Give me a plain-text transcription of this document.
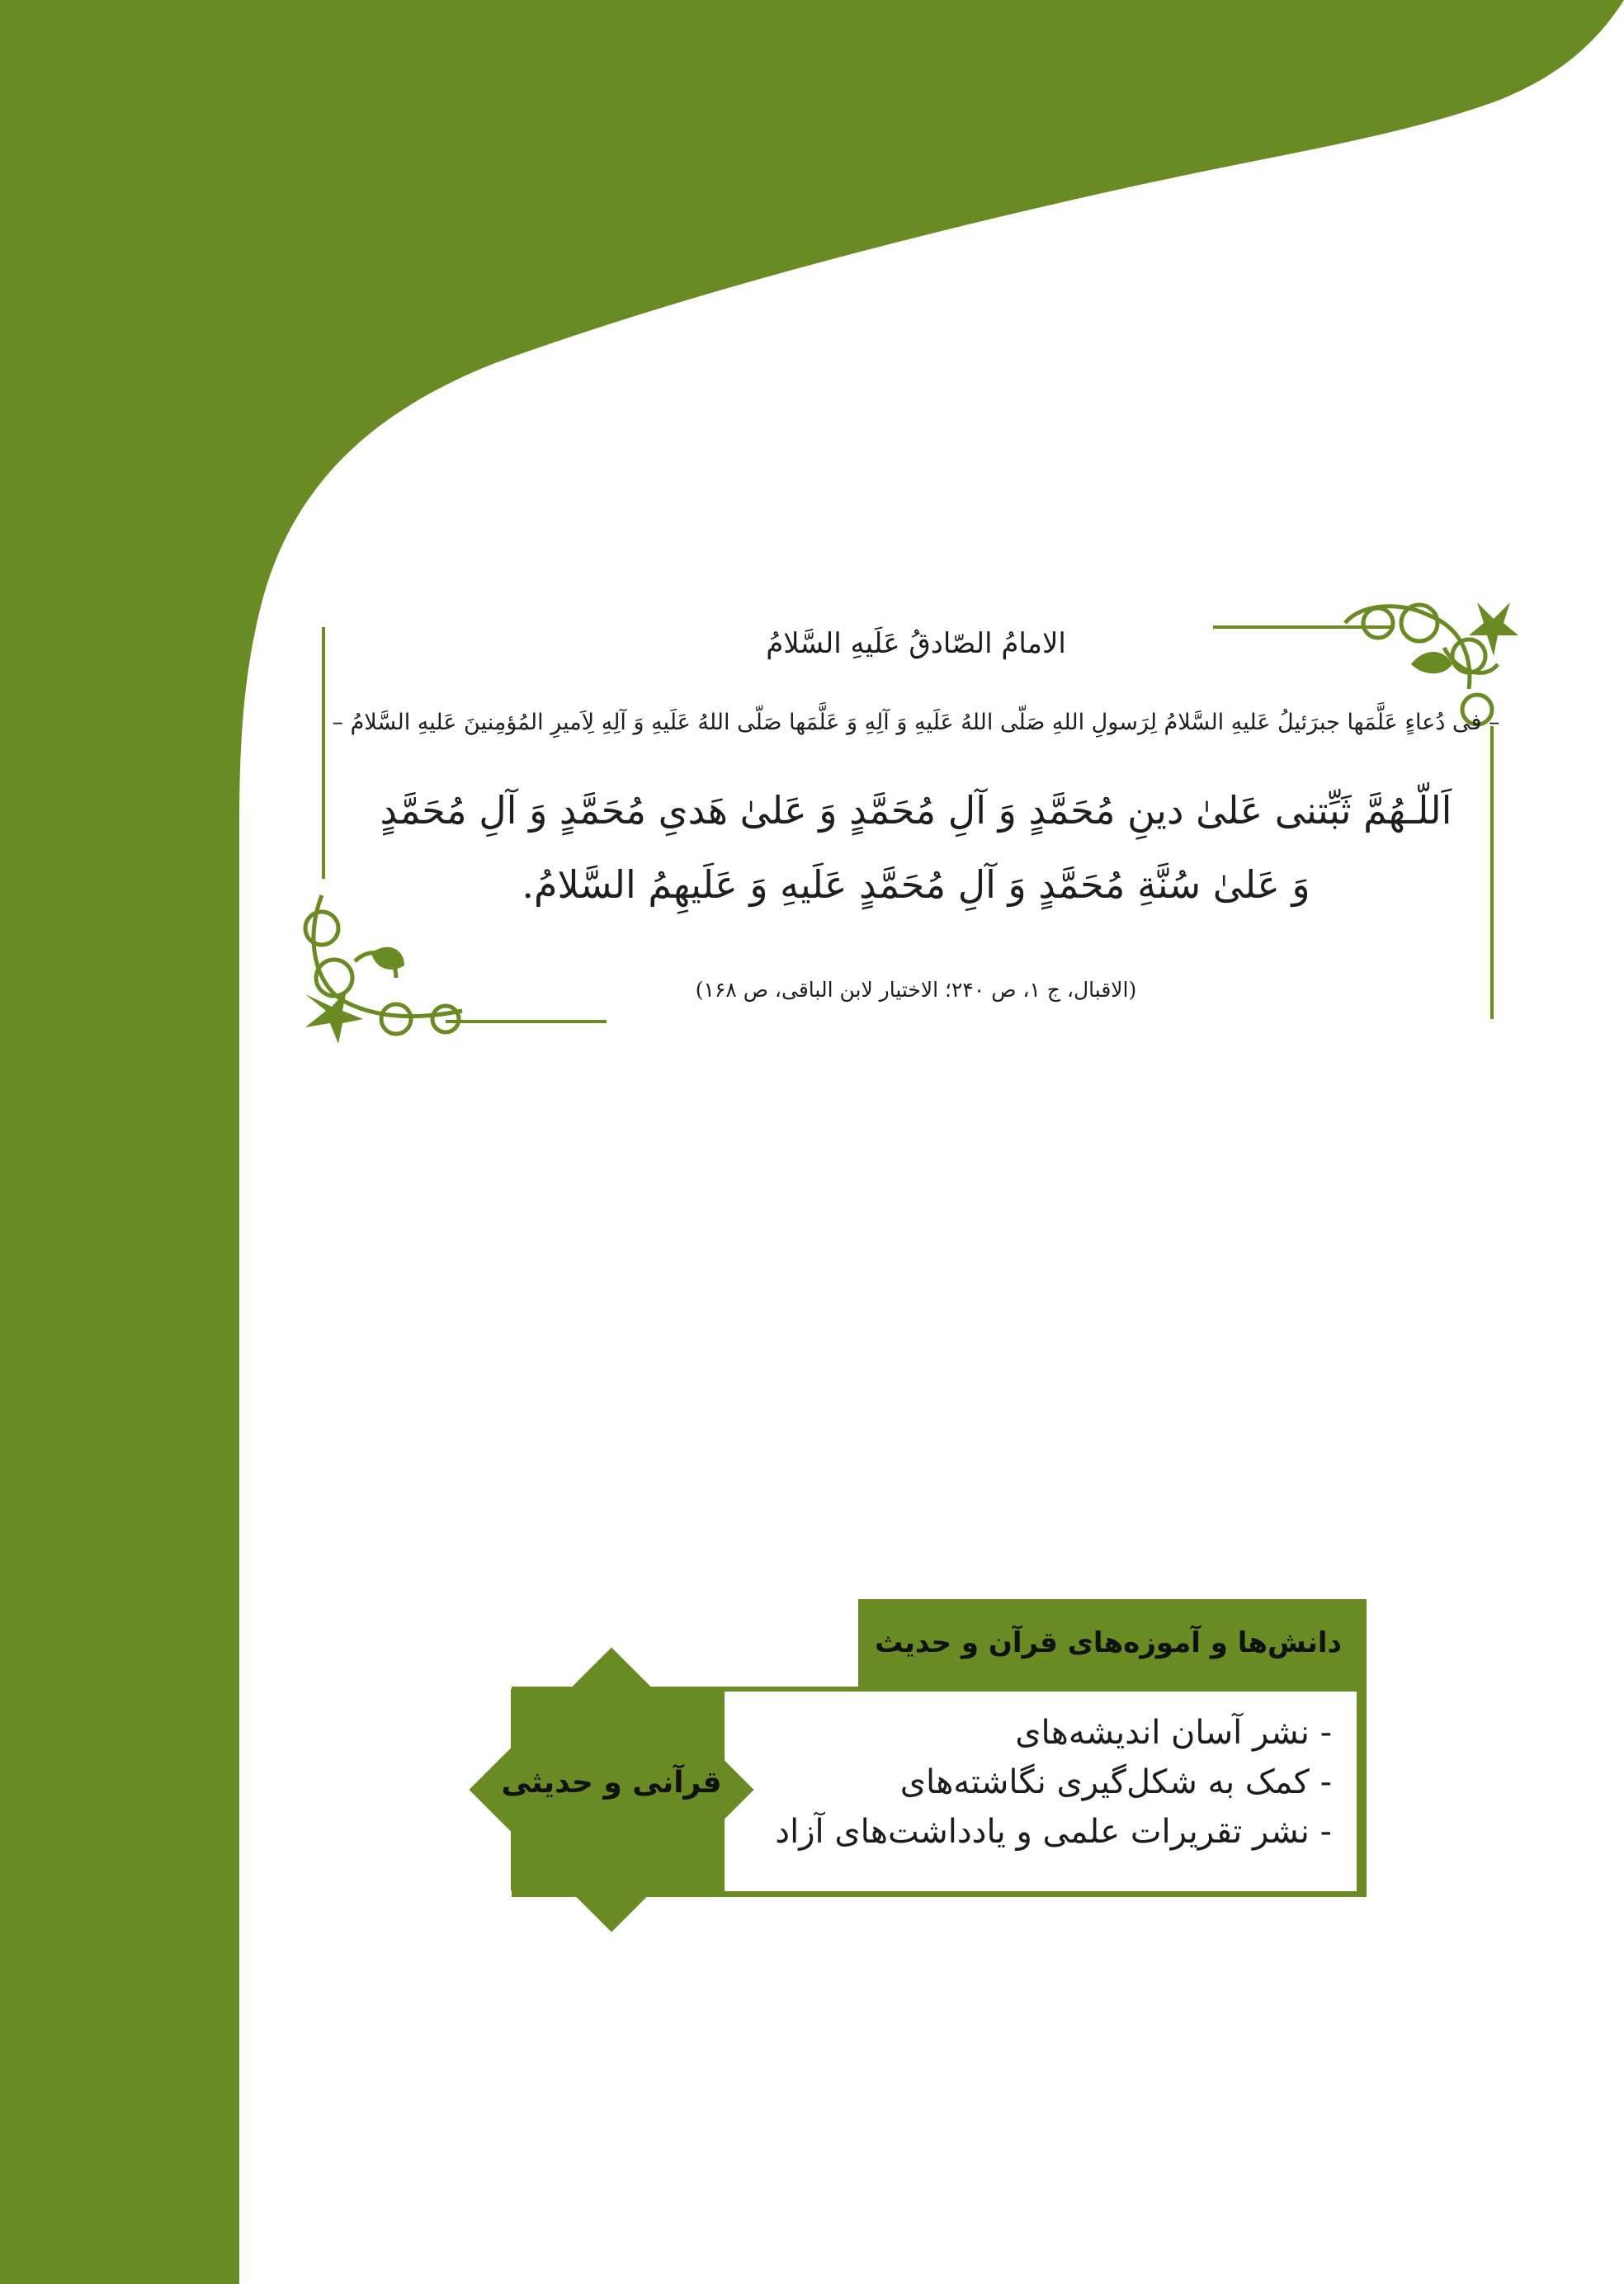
الامامُ الصّادقُ عَلَیهِ السَّلامُ

– فی دُعاءٍ عَلَّمَها جبرَئیلُ عَلیهِ السَّلامُ لِرَسولِ اللهِ صَلّی اللهُ عَلَیهِ وَ آلِهِ وَ عَلَّمَها صَلّی اللهُ عَلَیهِ وَ آلِهِ لِاَمیرِ المُؤمِنینَ عَلیهِ السَّلامُ –

اَللّـهُمَّ ثَبِّتنی عَلیٰ دینِ مُحَمَّدٍ وَ آلِ مُحَمَّدٍ وَ عَلیٰ هَدیِ مُحَمَّدٍ وَ آلِ مُحَمَّدٍ

وَ عَلیٰ سُنَّةِ مُحَمَّدٍ وَ آلِ مُحَمَّدٍ عَلَیهِ وَ عَلَیهِمُ السَّلامُ.

(الاقبال، ج ۱، ص ۲۴۰؛ الاختیار لابن الباقی، ص ۱۶۸)

دانش‌ها و آموزه‌های قرآن و حدیث

- نشر آسان اندیشه‌های

- کمک به شکل‌گیری نگاشته‌های

- نشر تقریرات علمی و یادداشت‌های آزاد

قرآنی و حدیثی
